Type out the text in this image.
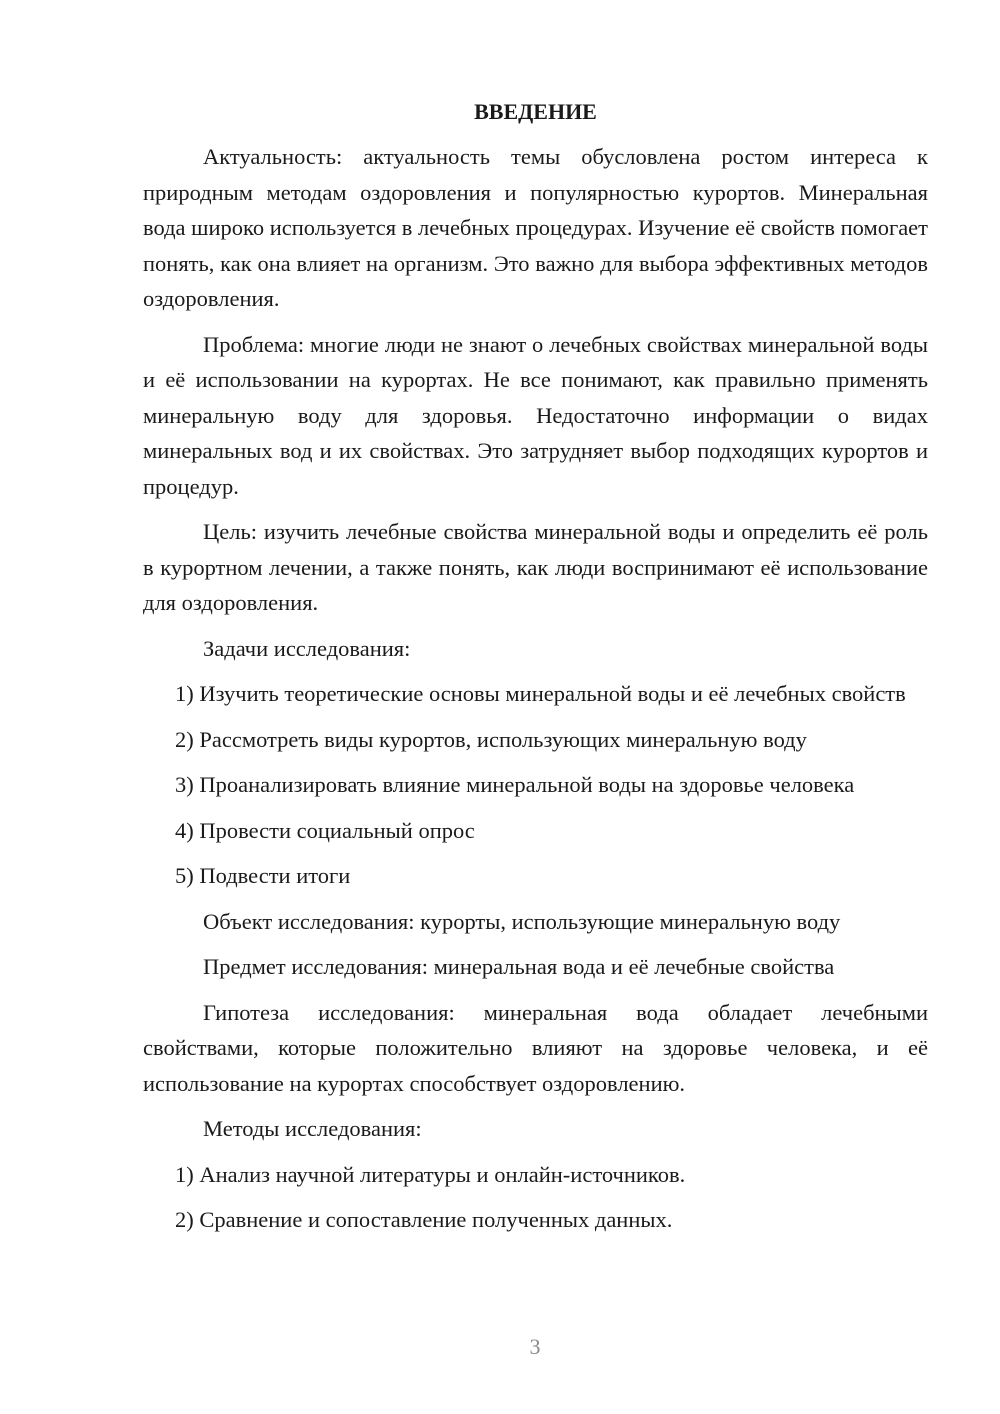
ВВЕДЕНИЕ

Актуальность: актуальность темы обусловлена ростом интереса к природным методам оздоровления и популярностью курортов. Минеральная вода широко используется в лечебных процедурах. Изучение её свойств помогает понять, как она влияет на организм. Это важно для выбора эффективных методов оздоровления.

Проблема: многие люди не знают о лечебных свойствах минеральной воды и её использовании на курортах. Не все понимают, как правильно применять минеральную воду для здоровья. Недостаточно информации о видах минеральных вод и их свойствах. Это затрудняет выбор подходящих курортов и процедур.

Цель: изучить лечебные свойства минеральной воды и определить её роль в курортном лечении, а также понять, как люди воспринимают её использование для оздоровления.

Задачи исследования:

1) Изучить теоретические основы минеральной воды и её лечебных свойств

2) Рассмотреть виды курортов, использующих минеральную воду

3) Проанализировать влияние минеральной воды на здоровье человека

4) Провести социальный опрос

5) Подвести итоги

Объект исследования: курорты, использующие минеральную воду

Предмет исследования: минеральная вода и её лечебные свойства

Гипотеза исследования: минеральная вода обладает лечебными свойствами, которые положительно влияют на здоровье человека, и её использование на курортах способствует оздоровлению.

Методы исследования:

1) Анализ научной литературы и онлайн-источников.

2) Сравнение и сопоставление полученных данных.

3
